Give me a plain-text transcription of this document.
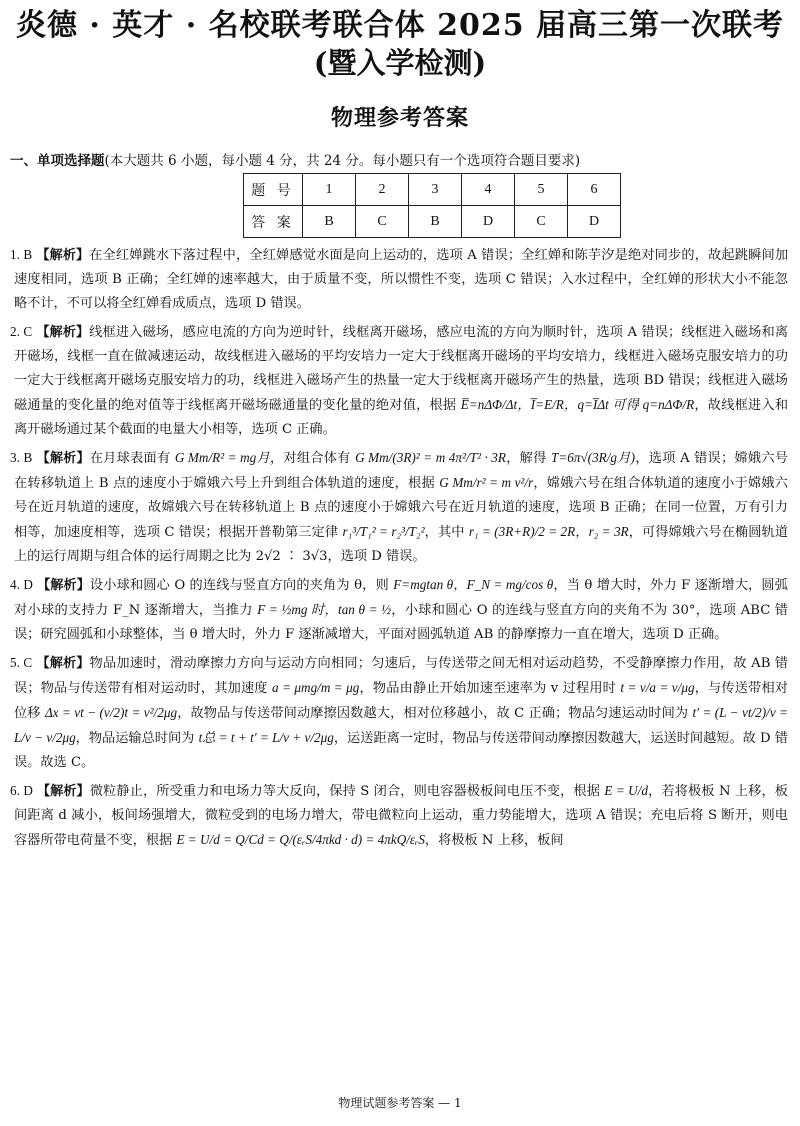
炎德 · 英才 · 名校联考联合体 2025 届高三第一次联考
(暨入学检测)
物理参考答案
一、单项选择题(本大题共 6 小题，每小题 4 分，共 24 分。每小题只有一个选项符合题目要求)
题 号	1	2	3	4	5	6
答 案	B	C	B	D	C	D
1. B 【解析】在全红婵跳水下落过程中，全红婵感觉水面是向上运动的，选项 A 错误；全红婵和陈芋汐是绝对同步的，故起跳瞬间加速度相同，选项 B 正确；全红婵的速率越大，由于质量不变，所以惯性不变，选项 C 错误；入水过程中，全红婵的形状大小不能忽略不计，不可以将全红婵看成质点，选项 D 错误。
2. C 【解析】线框进入磁场，感应电流的方向为逆时针，线框离开磁场，感应电流的方向为顺时针，选项 A 错误；线框进入磁场和离开磁场，线框一直在做减速运动，故线框进入磁场的平均安培力一定大于线框离开磁场的平均安培力，线框进入磁场克服安培力的功一定大于线框离开磁场克服安培力的功，线框进入磁场产生的热量一定大于线框离开磁场产生的热量，选项 BD 错误；线框进入磁场磁通量的变化量的绝对值等于线框离开磁场磁通量的变化量的绝对值，根据 E̅=nΔΦ/Δt，I̅=E/R，q=I̅Δt 可得 q=nΔΦ/R，故线框进入和离开磁场通过某个截面的电量大小相等，选项 C 正确。
3. B 【解析】在月球表面有 G Mm/R² = mg月，对组合体有 G Mm/(3R)² = m 4π²/T² · 3R，解得 T=6π√(3R/g月)，选项 A 错误；嫦娥六号在转移轨道上 B 点的速度小于嫦娥六号上升到组合体轨道的速度，根据 G Mm/r² = m v²/r，嫦娥六号在组合体轨道的速度小于嫦娥六号在近月轨道的速度，故嫦娥六号在转移轨道上 B 点的速度小于嫦娥六号在近月轨道的速度，选项 B 正确；在同一位置，万有引力相等，加速度相等，选项 C 错误；根据开普勒第三定律 r₁³/T₁² = r₂³/T₂²，其中 r₁ = (3R+R)/2 = 2R，r₂ = 3R，可得嫦娥六号在椭圆轨道上的运行周期与组合体的运行周期之比为 2√2 ∶ 3√3，选项 D 错误。
4. D 【解析】设小球和圆心 O 的连线与竖直方向的夹角为 θ，则 F=mgtan θ，F_N = mg/cos θ，当 θ 增大时，外力 F 逐渐增大，圆弧对小球的支持力 F_N 逐渐增大，当推力 F = ½mg 时，tan θ = ½，小球和圆心 O 的连线与竖直方向的夹角不为 30°，选项 ABC 错误；研究圆弧和小球整体，当 θ 增大时，外力 F 逐渐减增大，平面对圆弧轨道 AB 的静摩擦力一直在增大，选项 D 正确。
5. C 【解析】物品加速时，滑动摩擦力方向与运动方向相同；匀速后，与传送带之间无相对运动趋势，不受静摩擦力作用，故 AB 错误；物品与传送带有相对运动时，其加速度 a = μmg/m = μg，物品由静止开始加速至速率为 v 过程用时 t = v/a = v/μg，与传送带相对位移 Δx = vt − (v/2)t = v²/2μg，故物品与传送带间动摩擦因数越大，相对位移越小，故 C 正确；物品匀速运动时间为 t′ = (L − vt/2)/v = L/v − v/2μg，物品运输总时间为 t总 = t + t′ = L/v + v/2μg，运送距离一定时，物品与传送带间动摩擦因数越大，运送时间越短。故 D 错误。故选 C。
6. D 【解析】微粒静止，所受重力和电场力等大反向，保持 S 闭合，则电容器极板间电压不变，根据 E = U/d，若将极板 N 上移，板间距离 d 减小，板间场强增大，微粒受到的电场力增大，带电微粒向上运动，重力势能增大，选项 A 错误；充电后将 S 断开，则电容器所带电荷量不变，根据 E = U/d = Q/Cd = Q/(εᵣS/4πkd · d) = 4πkQ/εᵣS，将极板 N 上移，板间
物理试题参考答案 — 1
